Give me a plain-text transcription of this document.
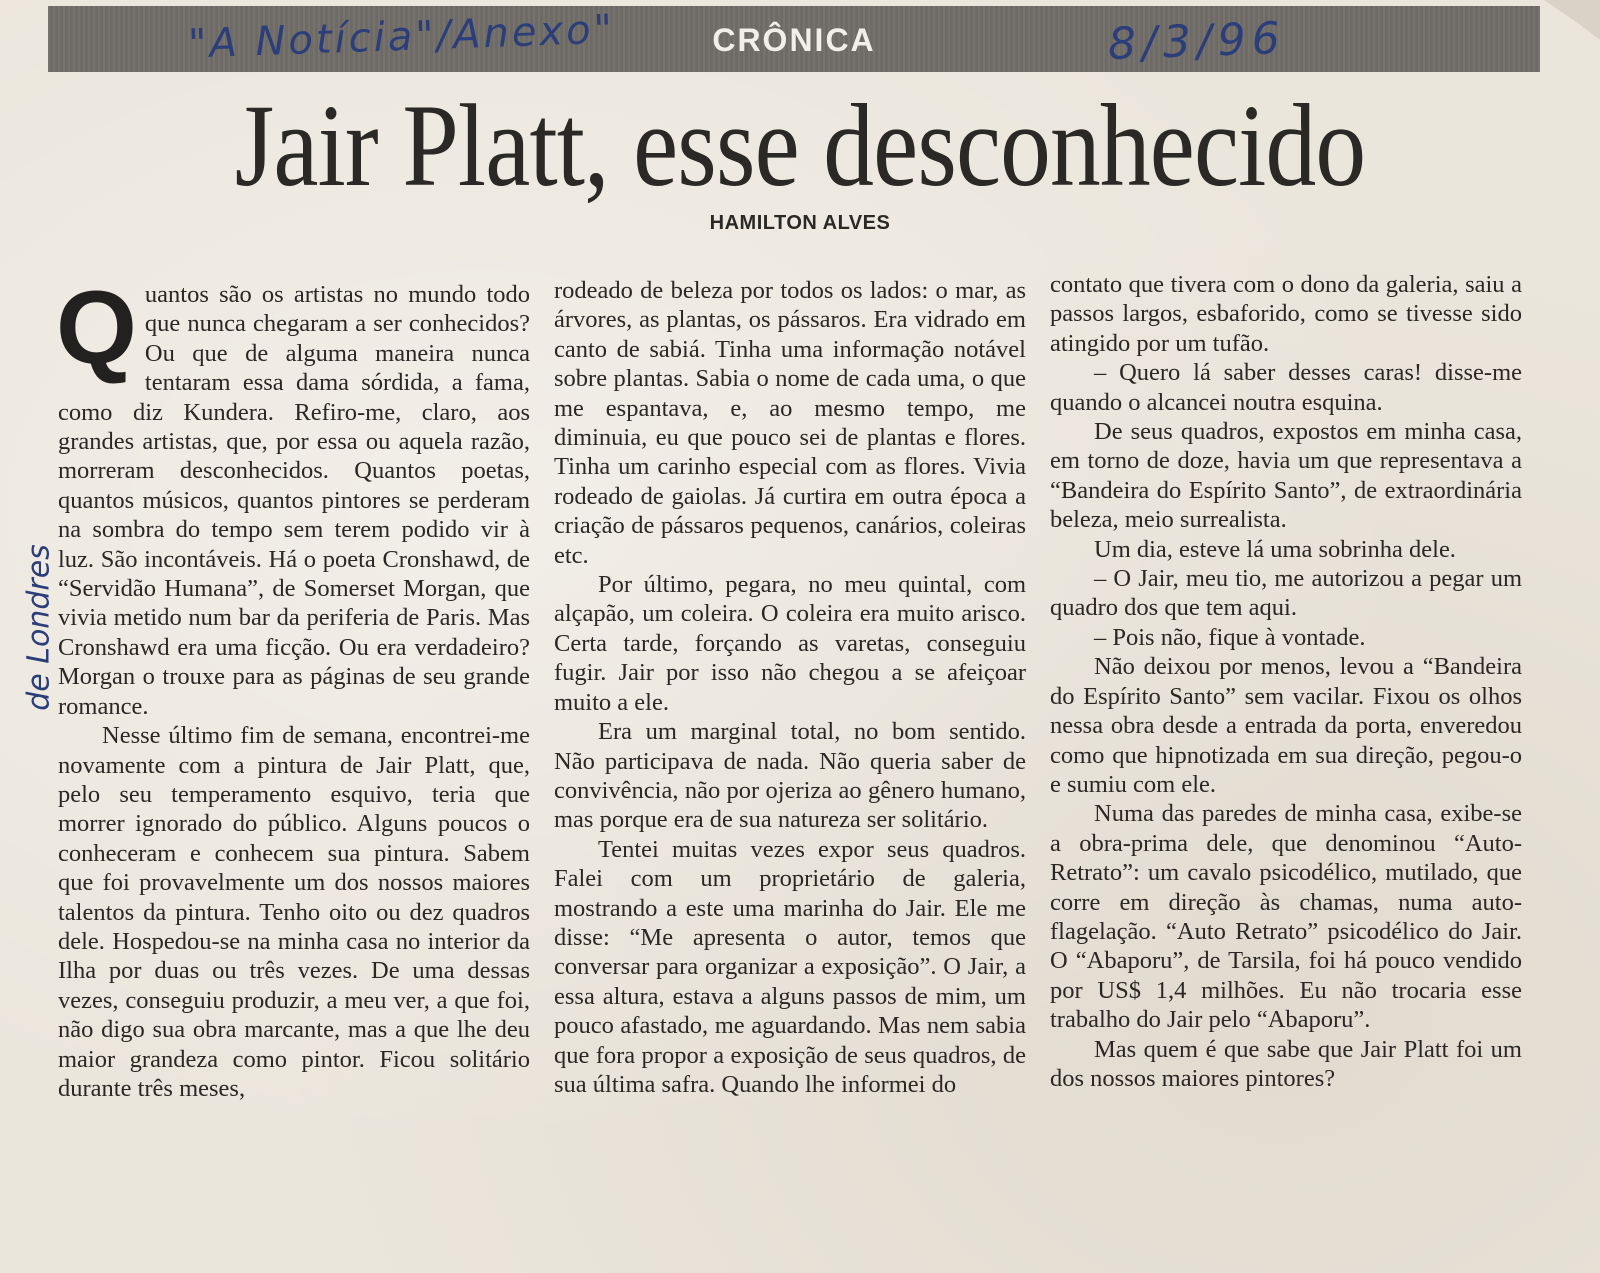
"A Notícia"/Anexo"	CRÔNICA	8/3/96
Jair Platt, esse desconhecido
HAMILTON ALVES
de Londres

Quantos são os artistas no mundo todo que nunca chegaram a ser conhecidos? Ou que de alguma maneira nunca tentaram essa dama sórdida, a fama, como diz Kundera. Refiro-me, claro, aos grandes artistas, que, por essa ou aquela razão, morreram desconhecidos. Quantos poetas, quantos músicos, quantos pintores se perderam na sombra do tempo sem terem podido vir à luz. São incontáveis. Há o poeta Cronshawd, de “Servidão Humana”, de Somerset Morgan, que vivia metido num bar da periferia de Paris. Mas Cronshawd era uma ficção. Ou era verdadeiro? Morgan o trouxe para as páginas de seu grande romance.

Nesse último fim de semana, encontrei-me novamente com a pintura de Jair Platt, que, pelo seu temperamento esquivo, teria que morrer ignorado do público. Alguns poucos o conheceram e conhecem sua pintura. Sabem que foi provavelmente um dos nossos maiores talentos da pintura. Tenho oito ou dez quadros dele. Hospedou-se na minha casa no interior da Ilha por duas ou três vezes. De uma dessas vezes, conseguiu produzir, a meu ver, a que foi, não digo sua obra marcante, mas a que lhe deu maior grandeza como pintor. Ficou solitário durante três meses,

rodeado de beleza por todos os lados: o mar, as árvores, as plantas, os pássaros. Era vidrado em canto de sabiá. Tinha uma informação notável sobre plantas. Sabia o nome de cada uma, o que me espantava, e, ao mesmo tempo, me diminuia, eu que pouco sei de plantas e flores. Tinha um carinho especial com as flores. Vivia rodeado de gaiolas. Já curtira em outra época a criação de pássaros pequenos, canários, coleiras etc.

Por último, pegara, no meu quintal, com alçapão, um coleira. O coleira era muito arisco. Certa tarde, forçando as varetas, conseguiu fugir. Jair por isso não chegou a se afeiçoar muito a ele.

Era um marginal total, no bom sentido. Não participava de nada. Não queria saber de convivência, não por ojeriza ao gênero humano, mas porque era de sua natureza ser solitário.

Tentei muitas vezes expor seus quadros. Falei com um proprietário de galeria, mostrando a este uma marinha do Jair. Ele me disse: “Me apresenta o autor, temos que conversar para organizar a exposição”. O Jair, a essa altura, estava a alguns passos de mim, um pouco afastado, me aguardando. Mas nem sabia que fora propor a exposição de seus quadros, de sua última safra. Quando lhe informei do

contato que tivera com o dono da galeria, saiu a passos largos, esbaforido, como se tivesse sido atingido por um tufão.

– Quero lá saber desses caras! disse-me quando o alcancei noutra esquina.

De seus quadros, expostos em minha casa, em torno de doze, havia um que representava a “Bandeira do Espírito Santo”, de extraordinária beleza, meio surrealista.

Um dia, esteve lá uma sobrinha dele.

– O Jair, meu tio, me autorizou a pegar um quadro dos que tem aqui.

– Pois não, fique à vontade.

Não deixou por menos, levou a “Bandeira do Espírito Santo” sem vacilar. Fixou os olhos nessa obra desde a entrada da porta, enveredou como que hipnotizada em sua direção, pegou-o e sumiu com ele.

Numa das paredes de minha casa, exibe-se a obra-prima dele, que denominou “Auto-Retrato”: um cavalo psicodélico, mutilado, que corre em direção às chamas, numa auto-flagelação. “Auto Retrato” psicodélico do Jair. O “Abaporu”, de Tarsila, foi há pouco vendido por US$ 1,4 milhões. Eu não trocaria esse trabalho do Jair pelo “Abaporu”.

Mas quem é que sabe que Jair Platt foi um dos nossos maiores pintores?
